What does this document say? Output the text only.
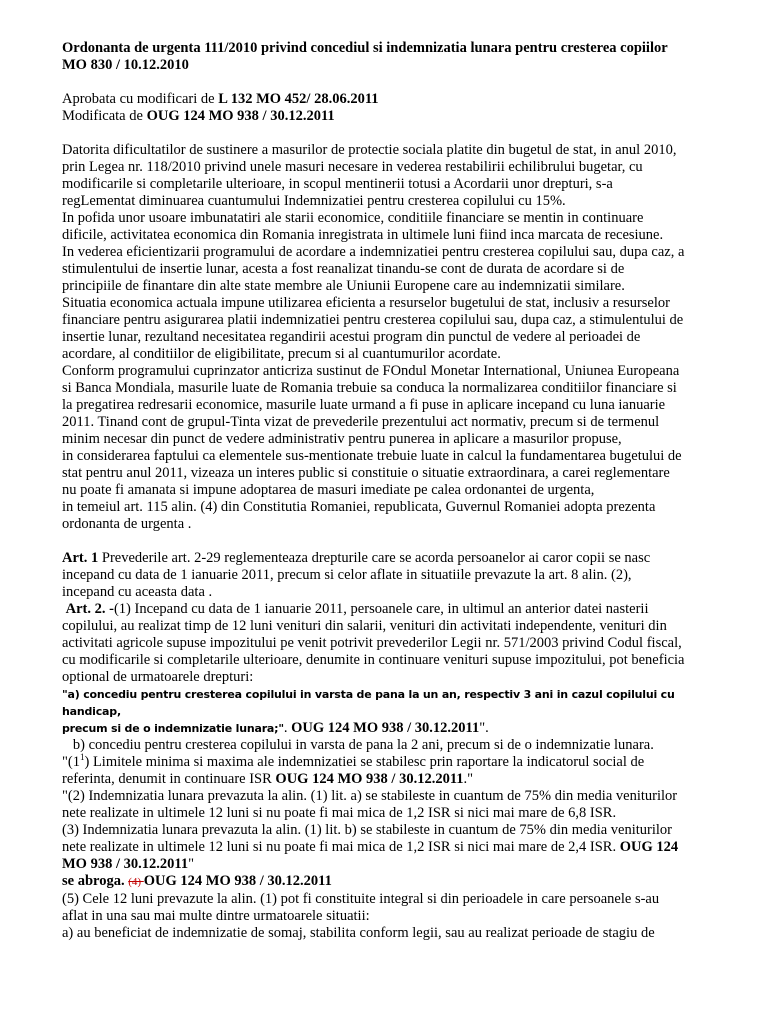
Ordonanta de urgenta 111/2010 privind concediul si indemnizatia lunara pentru cresterea copiilor
MO 830 / 10.12.2010

Aprobata cu modificari de L 132 MO 452/ 28.06.2011
Modificata de OUG 124 MO 938 / 30.12.2011

Datorita dificultatilor de sustinere a masurilor de protectie sociala platite din bugetul de stat, in anul 2010,
prin Legea nr. 118/2010 privind unele masuri necesare in vederea restabilirii echilibrului bugetar, cu
modificarile si completarile ulterioare, in scopul mentinerii totusi a Acordarii unor drepturi, s-a
regLementat diminuarea cuantumului Indemnizatiei pentru cresterea copilului cu 15%.
In pofida unor usoare imbunatatiri ale starii economice, conditiile financiare se mentin in continuare
dificile, activitatea economica din Romania inregistrata in ultimele luni fiind inca marcata de recesiune.
In vederea eficientizarii programului de acordare a indemnizatiei pentru cresterea copilului sau, dupa caz, a
stimulentului de insertie lunar, acesta a fost reanalizat tinandu-se cont de durata de acordare si de
principiile de finantare din alte state membre ale Uniunii Europene care au indemnizatii similare.
Situatia economica actuala impune utilizarea eficienta a resurselor bugetului de stat, inclusiv a resurselor
financiare pentru asigurarea platii indemnizatiei pentru cresterea copilului sau, dupa caz, a stimulentului de
insertie lunar, rezultand necesitatea regandirii acestui program din punctul de vedere al perioadei de
acordare, al conditiilor de eligibilitate, precum si al cuantumurilor acordate.
Conform programului cuprinzator anticriza sustinut de FOndul Monetar International, Uniunea Europeana
si Banca Mondiala, masurile luate de Romania trebuie sa conduca la normalizarea conditiilor financiare si
la pregatirea redresarii economice, masurile luate urmand a fi puse in aplicare incepand cu luna ianuarie
2011. Tinand cont de grupul-Tinta vizat de prevederile prezentului act normativ, precum si de termenul
minim necesar din punct de vedere administrativ pentru punerea in aplicare a masurilor propuse,
in considerarea faptului ca elementele sus-mentionate trebuie luate in calcul la fundamentarea bugetului de
stat pentru anul 2011, vizeaza un interes public si constituie o situatie extraordinara, a carei reglementare
nu poate fi amanata si impune adoptarea de masuri imediate pe calea ordonantei de urgenta,
in temeiul art. 115 alin. (4) din Constitutia Romaniei, republicata, Guvernul Romaniei adopta prezenta
ordonanta de urgenta .
Art. 1 Prevederile art. 2-29 reglementeaza drepturile care se acorda persoanelor ai caror copii se nasc
incepand cu data de 1 ianuarie 2011, precum si celor aflate in situatiile prevazute la art. 8 alin. (2),
incepand cu aceasta data .
Art. 2. -(1) Incepand cu data de 1 ianuarie 2011, persoanele care, in ultimul an anterior datei nasterii
copilului, au realizat timp de 12 luni venituri din salarii, venituri din activitati independente, venituri din
activitati agricole supuse impozitului pe venit potrivit prevederilor Legii nr. 571/2003 privind Codul fiscal,
cu modificarile si completarile ulterioare, denumite in continuare venituri supuse impozitului, pot beneficia
optional de urmatoarele drepturi:
"a) concediu pentru cresterea copilului in varsta de pana la un an, respectiv 3 ani in cazul copilului cu handicap,
precum si de o indemnizatie lunara;". OUG 124 MO 938 / 30.12.2011".
b) concediu pentru cresterea copilului in varsta de pana la 2 ani, precum si de o indemnizatie lunara.
"$(1^1)$ Limitele minima si maxima ale indemnizatiei se stabilesc prin raportare la indicatorul social de
referinta, denumit in continuare ISR OUG 124 MO 938 / 30.12.2011."
"(2) Indemnizatia lunara prevazuta la alin. (1) lit. a) se stabileste in cuantum de 75% din media veniturilor
nete realizate in ultimele 12 luni si nu poate fi mai mica de 1,2 ISR si nici mai mare de 6,8 ISR.
(3) Indemnizatia lunara prevazuta la alin. (1) lit. b) se stabileste in cuantum de 75% din media veniturilor
nete realizate in ultimele 12 luni si nu poate fi mai mica de 1,2 ISR si nici mai mare de 2,4 ISR. OUG 124
MO 938 / 30.12.2011"
se abroga. (4) OUG 124 MO 938 / 30.12.2011
(5) Cele 12 luni prevazute la alin. (1) pot fi constituite integral si din perioadele in care persoanele s-au
aflat in una sau mai multe dintre urmatoarele situatii:
a) au beneficiat de indemnizatie de somaj, stabilita conform legii, sau au realizat perioade de stagiu de
